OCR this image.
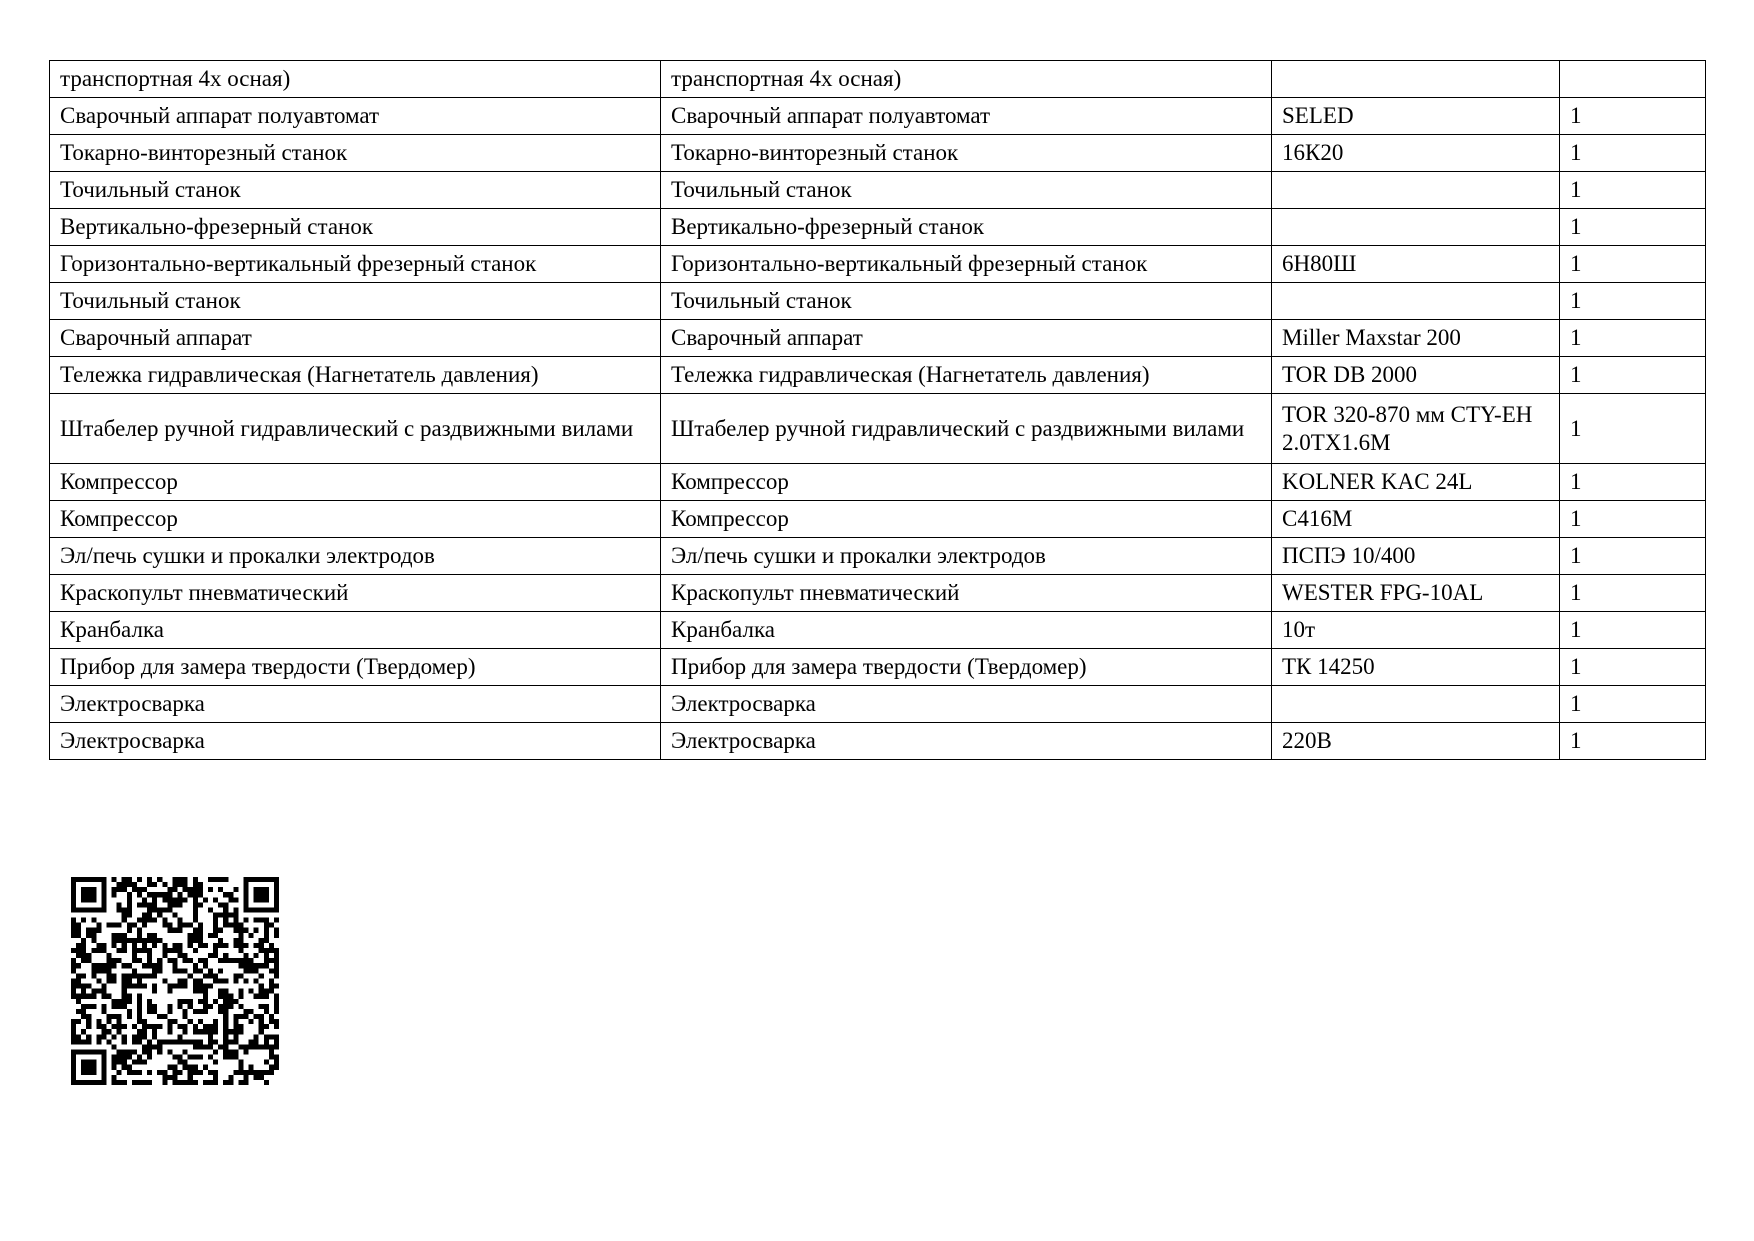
транспортная 4х осная)	транспортная 4х осная)		
Сварочный аппарат полуавтомат	Сварочный аппарат полуавтомат	SELED	1
Токарно-винторезный станок	Токарно-винторезный станок	16К20	1
Точильный станок	Точильный станок		1
Вертикально-фрезерный станок	Вертикально-фрезерный станок		1
Горизонтально-вертикальный фрезерный станок	Горизонтально-вертикальный фрезерный станок	6Н80Ш	1
Точильный станок	Точильный станок		1
Сварочный аппарат	Сварочный аппарат	Miller Maxstar 200	1
Тележка гидравлическая (Нагнетатель давления)	Тележка гидравлическая (Нагнетатель давления)	TOR DB 2000	1
Штабелер ручной гидравлический с раздвижными вилами	Штабелер ручной гидравлический с раздвижными вилами	TOR 320-870 мм CTY-EH 2.0TX1.6M	1
Компрессор	Компрессор	KOLNER KAC 24L	1
Компрессор	Компрессор	С416М	1
Эл/печь сушки и прокалки электродов	Эл/печь сушки и прокалки электродов	ПСПЭ 10/400	1
Краскопульт пневматический	Краскопульт пневматический	WESTER FPG-10AL	1
Кранбалка	Кранбалка	10т	1
Прибор для замера твердости (Твердомер)	Прибор для замера твердости (Твердомер)	ТК 14250	1
Электросварка	Электросварка		1
Электросварка	Электросварка	220В	1
